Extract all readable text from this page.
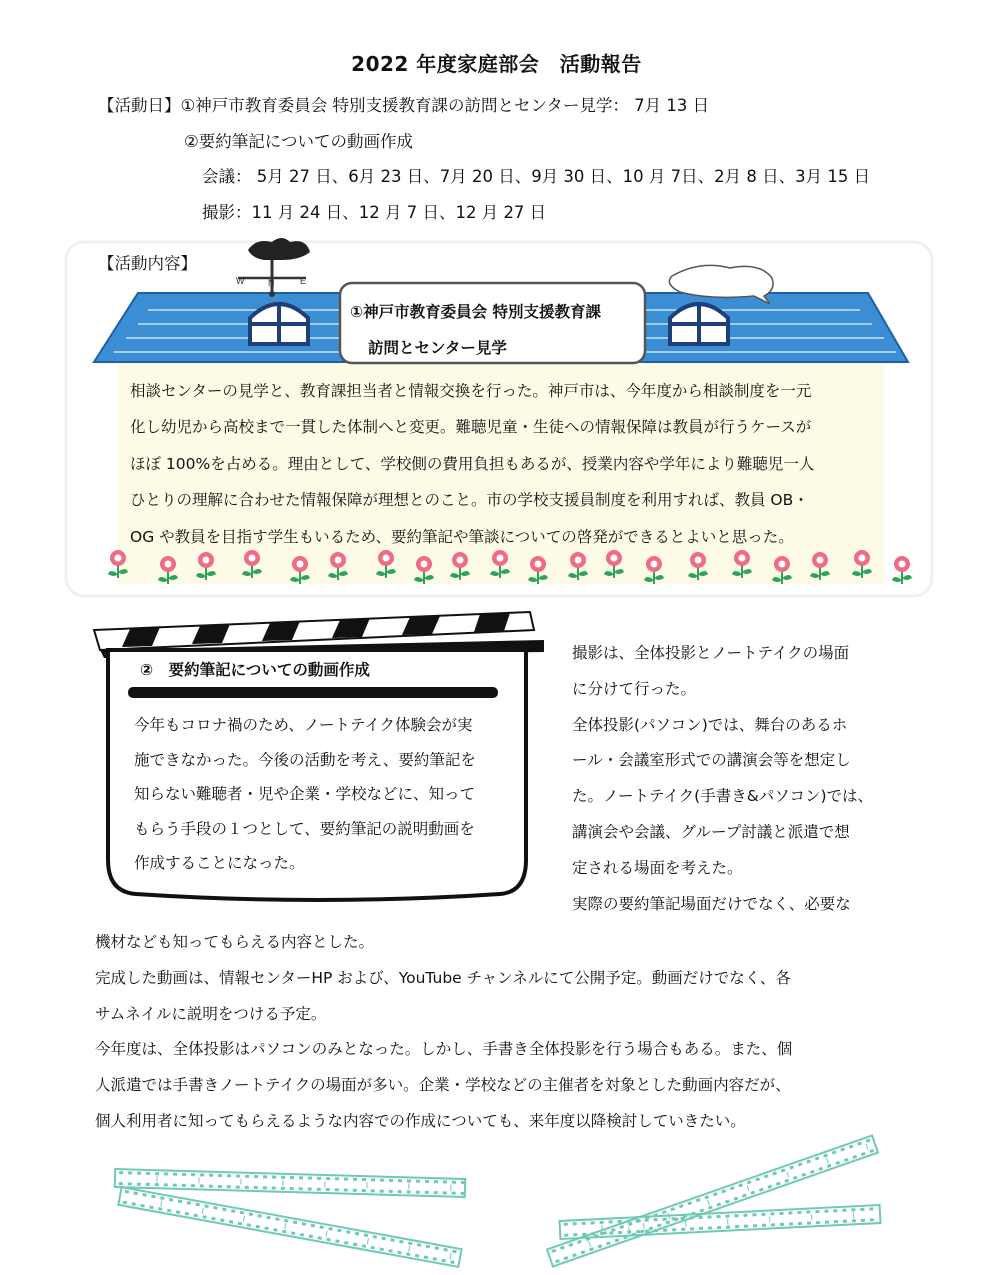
2022 年度家庭部会　活動報告
【活動日】①神戸市教育委員会 特別支援教育課の訪問とセンター見学： 7月 13 日
②要約筆記についての動画作成
会議： 5月 27 日、6月 23 日、7月 20 日、9月 30 日、10 月 7日、2月 8 日、3月 15 日
撮影：11 月 24 日、12 月 7 日、12 月 27 日
W	N	E
【活動内容】
①神戸市教育委員会 特別支援教育課
訪問とセンター見学
相談センターの見学と、教育課担当者と情報交換を行った。神戸市は、今年度から相談制度を一元
化し幼児から高校まで一貫した体制へと変更。難聴児童・生徒への情報保障は教員が行うケースが
ほぼ 100%を占める。理由として、学校側の費用負担もあるが、授業内容や学年により難聴児一人
ひとりの理解に合わせた情報保障が理想とのこと。市の学校支援員制度を利用すれば、教員 OB・
OG や教員を目指す学生もいるため、要約筆記や筆談についての啓発ができるとよいと思った。
②　要約筆記についての動画作成
今年もコロナ禍のため、ノートテイク体験会が実
施できなかった。今後の活動を考え、要約筆記を
知らない難聴者・児や企業・学校などに、知って
もらう手段の１つとして、要約筆記の説明動画を
作成することになった。
撮影は、全体投影とノートテイクの場面
に分けて行った。
全体投影(パソコン)では、舞台のあるホ
ール・会議室形式での講演会等を想定し
た。ノートテイク(手書き&パソコン)では、
講演会や会議、グループ討議と派遣で想
定される場面を考えた。
実際の要約筆記場面だけでなく、必要な
機材なども知ってもらえる内容とした。
完成した動画は、情報センターHP および、YouTube チャンネルにて公開予定。動画だけでなく、各
サムネイルに説明をつける予定。
今年度は、全体投影はパソコンのみとなった。しかし、手書き全体投影を行う場合もある。また、個
人派遣では手書きノートテイクの場面が多い。企業・学校などの主催者を対象とした動画内容だが、
個人利用者に知ってもらえるような内容での作成についても、来年度以降検討していきたい。
